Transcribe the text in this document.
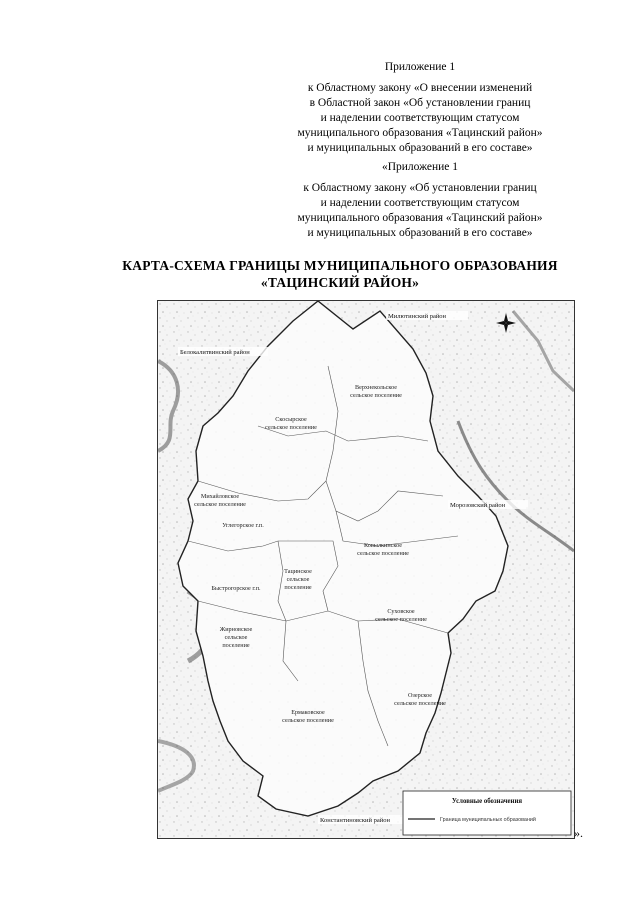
Приложение 1

к Областному закону «О внесении изменений

в Областной закон «Об установлении границ

и наделении соответствующим статусом

муниципального образования «Тацинский район»

и муниципальных образований в его составе»

«Приложение 1

к Областному закону «Об установлении границ

и наделении соответствующим статусом

муниципального образования «Тацинский район»

и муниципальных образований в его составе»

КАРТА-СХЕМА ГРАНИЦЫ МУНИЦИПАЛЬНОГО ОБРАЗОВАНИЯ
«ТАЦИНСКИЙ РАЙОН»
Милютинский район
Белокалитвинский район
Морозовский район
Константиновский район
Верхнекольское
сельское поселение
Скосырское
сельское поселение
Михайловское
сельское поселение
Углегорское г.п.
Ковылкинское
сельское поселение
Тацинское
сельское
поселение
Быстрогорское г.п.
Жирновское
сельское
поселение
Суховское
сельское поселение
Ермаковское
сельское поселение
Озерское
сельское поселение
Условные обозначения
Граница муниципальных образований
».
